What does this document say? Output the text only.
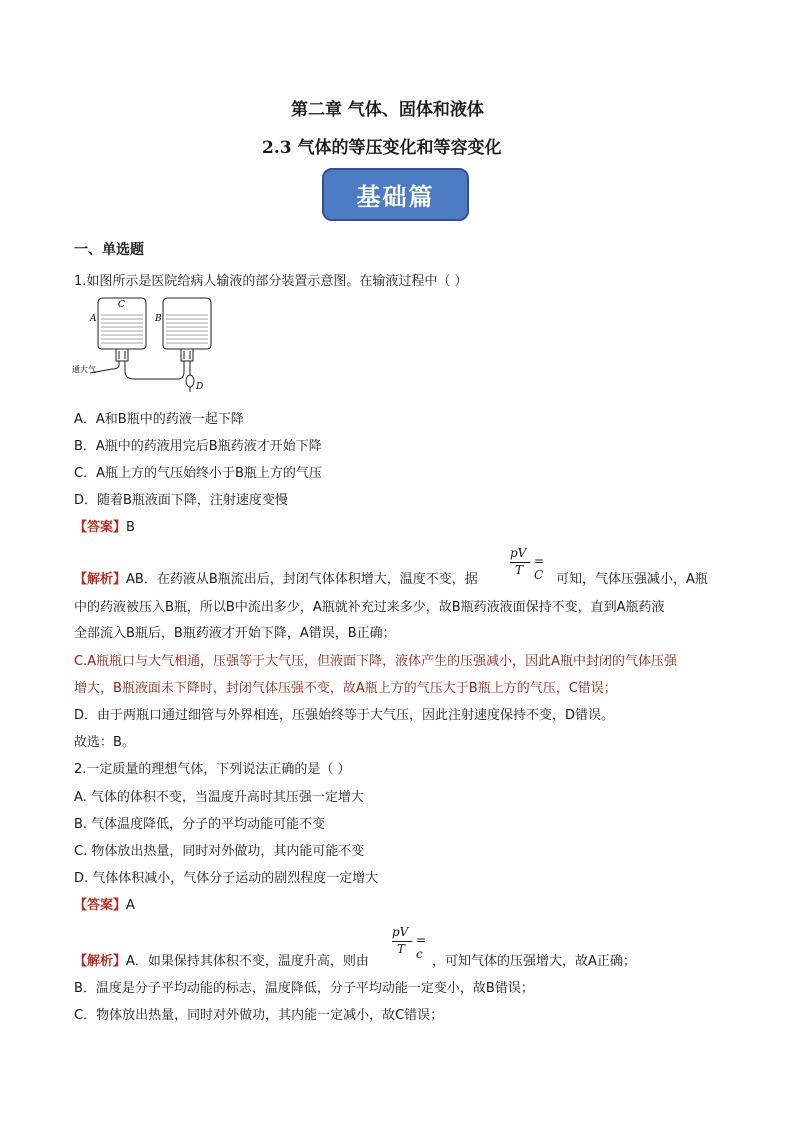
第二章 气体、固体和液体
2.3 气体的等压变化和等容变化
基础篇
一、单选题
1.如图所示是医院给病人输液的部分装置示意图。在输液过程中（ ）
A	B
C
D
通大气
A．A和B瓶中的药液一起下降
B．A瓶中的药液用完后B瓶药液才开始下降
C．A瓶上方的气压始终小于B瓶上方的气压
D．随着B瓶液面下降，注射速度变慢
【答案】B
pV
T
= C
【解析】AB．在药液从B瓶流出后，封闭气体体积增大，温度不变，据	可知，气体压强减小，A瓶
中的药液被压入B瓶，所以B中流出多少，A瓶就补充过来多少，故B瓶药液液面保持不变，直到A瓶药液
全部流入B瓶后，B瓶药液才开始下降，A错误，B正确；
C.A瓶瓶口与大气相通，压强等于大气压，但液面下降，液体产生的压强减小，因此A瓶中封闭的气体压强
增大，B瓶液面未下降时，封闭气体压强不变，故A瓶上方的气压大于B瓶上方的气压，C错误；
D．由于两瓶口通过细管与外界相连，压强始终等于大气压，因此注射速度保持不变，D错误。
故选：B。
2.一定质量的理想气体，下列说法正确的是（ ）
A. 气体的体积不变，当温度升高时其压强一定增大
B. 气体温度降低，分子的平均动能可能不变
C. 物体放出热量，同时对外做功，其内能可能不变
D. 气体体积减小，气体分子运动的剧烈程度一定增大
【答案】A
pV
T
= c
【解析】A．如果保持其体积不变，温度升高，则由	，可知气体的压强增大，故A正确；
B．温度是分子平均动能的标志，温度降低，分子平均动能一定变小，故B错误；
C．物体放出热量，同时对外做功，其内能一定减小，故C错误；
